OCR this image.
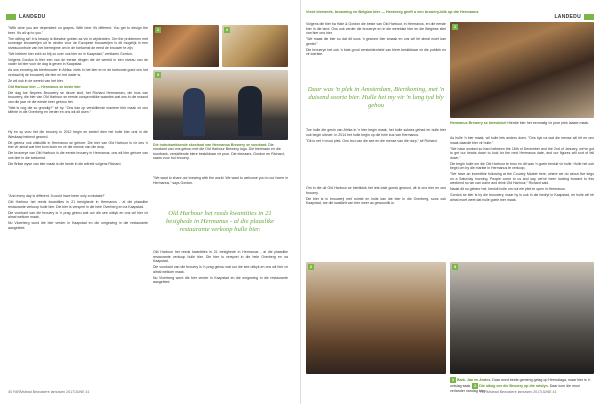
LANDEDU

"With wine you are dependent on grapes. With beer it's different. You get to design the beer. It's all up to you."

The willing sir! It is beauty is likewise golden as vin in wijntedden. Om the problemen met sommige brouwerijen uit te vinden voor de Europese brouwerijen is dit mogelijk in een niveaucontrole van het bierregime om in de toekomst de eerst de brouwer te zijn.

"We hebben hier echt zo blij zo over ons bier en in Kaapstad," verklaren Gordon.

Volgens Gordon is bier een van de eerste dingen die de wereld in een niveau van de vader tot bier voor de dag is geven in Kaapstad.

As ons ervaring als bierbrouwer in Afrika: niets in het bier en in de toekomst goed ons het verhaal bij de brouwerij die bier en het water is.

Ze wil ook in de wereld van het bier.

Old Harbour bier — Hermanus se beste bier

Die dag toe Nepries Brouwery se deure sluit, het Richard Hermansen, die huis van brouwery, die bier van Old Harbour se eerste oorspronklike waardes wat ons in die maand van die jaar vir die eerste keer gebrou het.

"Wat is nog die so grondig?" sê hy. "Ons kan op verskillende maniere bier maak vir ons kliënte in die Overberg en verder en ons wil dit doen."

Hy en sy vrou het die brouery in 2012 begin en sedert dien het hulle bier oral in die Weskaap bekend geword.

Dit gebeur ook uitsluitlik in Hermanus se gehore. Die bier van Old Harbour is vir ons 'n bier vir almal wat hier kom kuier en vir die mense van die dorp.

Die brouerye van Old Harbour is die eerste brouery in Hermanus, ons wil hier gehore van ons bier in die toekomst.

Die Britse wyse van bier maak is die beste in die wêreld volgens Richard.

1	2
3
Die indrukwekkende skeeland van Hermanus Brewery se voorkant. Die voorkant van ons gebou met die Old Harbour Brewery logo. Die bierkraan en die toonbank, verskillende biere beskikbaar vir proe. Die eienaars, Gordon en Richard, saam voor hul brouery.

"We want to share our brewing with the world. We want to welcome you to our home in Hermanus," says Gordon.

Old Harbour het reeds kwantities in 21 besighede in Hermanus - al die plaaslike restaurante verkoop hulle bier.

"And every day is different. It could have been only a mistake!"

Old Harbour het reeds kwantities in 21 besighede in Hermanus - al die plaaslike restaurante verkoop hulle bier. Die bier is versprei in die hele Overberg en na Kaapstad.

Die voorkant van die brouery is 'n prag gebou wat oor die see uitkyk en ons wil hier vir almal welkom maak.

Nu Vloerberg word die bier verder in Kaapstad en die omgewing in die restaurante aangebied.

Old Harbour het reeds kwantities in 21 besighede in Hermanus - al die plaaslike restaurante verkoop hulle bier. Die bier is versprei in die hele Overberg en na Kaapstad.

Die voorkant van die brouery is 'n prag gebou wat oor die see uitkyk en ons wil hier vir almal welkom maak.

Nu Vloerberg word die bier verder in Kaapstad en die omgewing in die restaurante aangebied.

40 FARMstead Bewustere lamuwen 2017/JUNE 41
LANDEDU
Vreet bierweek, brouwing en Belgian bier — Hersberg geeft u een brouery-blik op die Hermanus

Volgens die bier ba Hale & Gordon die beste van Old Harbour, in Hermanus, en die eerste bier in die land. Ons ook verder die brouerye en in die wereldse bier en die Belgiese stiel van bier ons hier.

"We maak die bier so dat dit soos 'n gewone bier smaak en ons wil hê almal moet kan geniet."

Die brouerye het ook 'n baie groot verskeidenheid van biere beskikbaar vir die publiek en vir toeriste.

Daar was 'n plek in Amsterdam, Biertkoning, met 'n duisend soorte bier. Hulle het my vir 'n lang tyd bly gehou

Toe hulle die gesin van Afrika in 'n bier begin maak, het hulle sukses gehad en hulle bier ook begin uitvoer. In 2014 het hulle begin op die hele kus van Hermanus.

"Dit is net 'n mooi plek. Ons hou van die see en die mense van die dorp," sê Richard.

1
Hermanus Brewery se bierwinkel Hierdie bier het eenmalig vir proe plek laaste maak.

As hulle 'n bier maak, wil hulle iets anders doen. "Ons kyk na wat die mense wil hê en ons maak daardie bier vir hulle."

"We have worked so hard between the 16th of December and the 2nd of January, we've got to get our heads down to look for the next Hermanus date, and our figures will sort of fall down."

Die begin hulle om die Old Harbour te brou en dit was 'n goeie besluit vir hulle. Hulle het ook begin om by die markte in Hermanus te verkoop.

"We have an incredible following at the Country Market here, where we do about five kegs on a Saturday morning. People come to us and say, we've been looking forward to this weekend so we can come and drink Old Harbour," Richard said.

Nadat dit so gebeur het, besluit hulle om hul eie plek te open in Hermanus.

Gordon se bier is by die brouwery, maar hy is ook in die bedryf in Kaapstad, en hulle wil hê almal moet weet dat hulle goeie bier maak.

Om in die uit Old Harbour se biertiktok het iets baie goeds geword, dit is ons bier en ons brouery.

Die bier is in brouwerij met ruimte en hulle kan die bier in die Overberg, soos ook Kaapstad, toe die kwaliteit van bier meer as gewoonlik is.

2	3
1 Bark. Jan en Andes. Daar word beide gemeng geiag op Hermalaga, maar hier is 'n ontslag saak. 2 Die uitsig oor die Brouery op die rotslyn. Daar kom die mooi verlander vandag bier.
FARMstead Bewustere lamuwen 2017/JUNE 41
